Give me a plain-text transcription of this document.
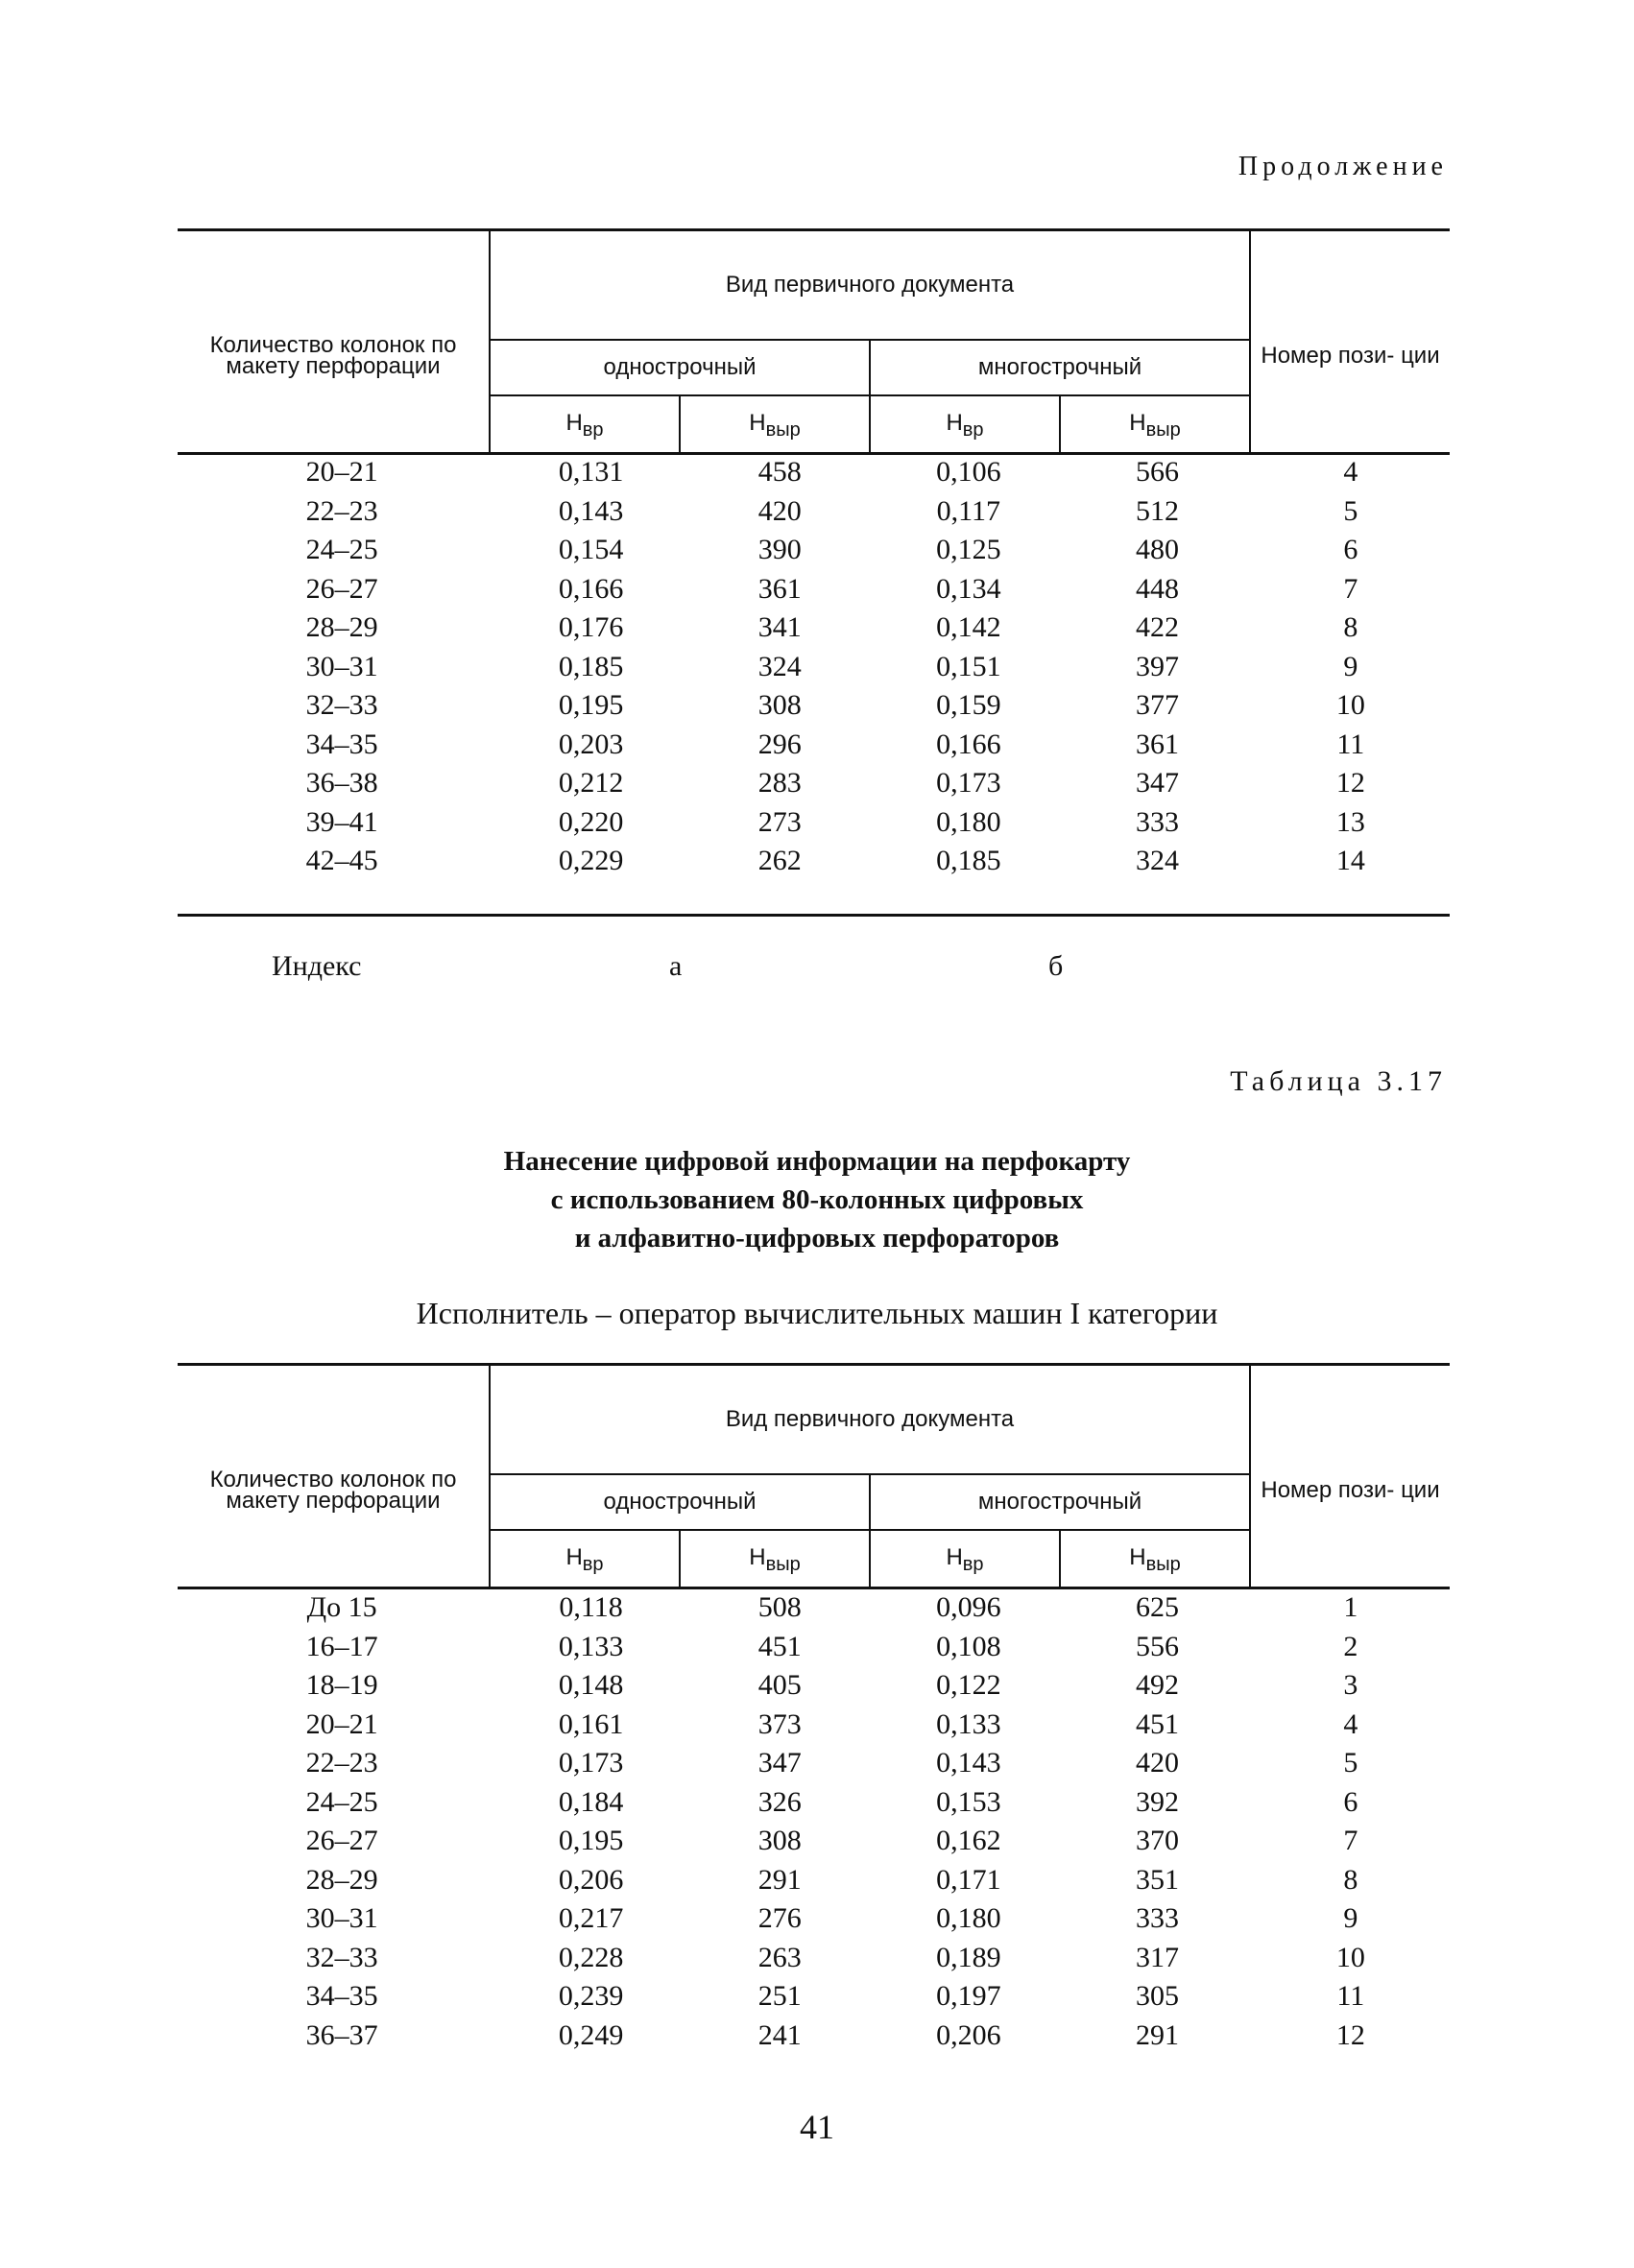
Продолжение
Количество колонок по макету перфорации	Вид первичного документа				Номер пози- ции
	однострочный		многострочный		
	$Н_{вр}$	$Н_{выр}$	$Н_{вр}$	$Н_{выр}$
20–21	0,131	458	0,106	566	4
22–23	0,143	420	0,117	512	5
24–25	0,154	390	0,125	480	6
26–27	0,166	361	0,134	448	7
28–29	0,176	341	0,142	422	8
30–31	0,185	324	0,151	397	9
32–33	0,195	308	0,159	377	10
34–35	0,203	296	0,166	361	11
36–38	0,212	283	0,173	347	12
39–41	0,220	273	0,180	333	13
42–45	0,229	262	0,185	324	14
Индекс	а	б
Таблица 3.17
Нанесение цифровой информации на перфокарту
с использованием 80-колонных цифровых
и алфавитно-цифровых перфораторов
Исполнитель – оператор вычислительных машин I категории
Количество колонок по макету перфорации	Вид первичного документа				Номер пози- ции
	однострочный		многострочный		
	$Н_{вр}$	$Н_{выр}$	$Н_{вр}$	$Н_{выр}$
До 15	0,118	508	0,096	625	1
16–17	0,133	451	0,108	556	2
18–19	0,148	405	0,122	492	3
20–21	0,161	373	0,133	451	4
22–23	0,173	347	0,143	420	5
24–25	0,184	326	0,153	392	6
26–27	0,195	308	0,162	370	7
28–29	0,206	291	0,171	351	8
30–31	0,217	276	0,180	333	9
32–33	0,228	263	0,189	317	10
34–35	0,239	251	0,197	305	11
36–37	0,249	241	0,206	291	12
41
